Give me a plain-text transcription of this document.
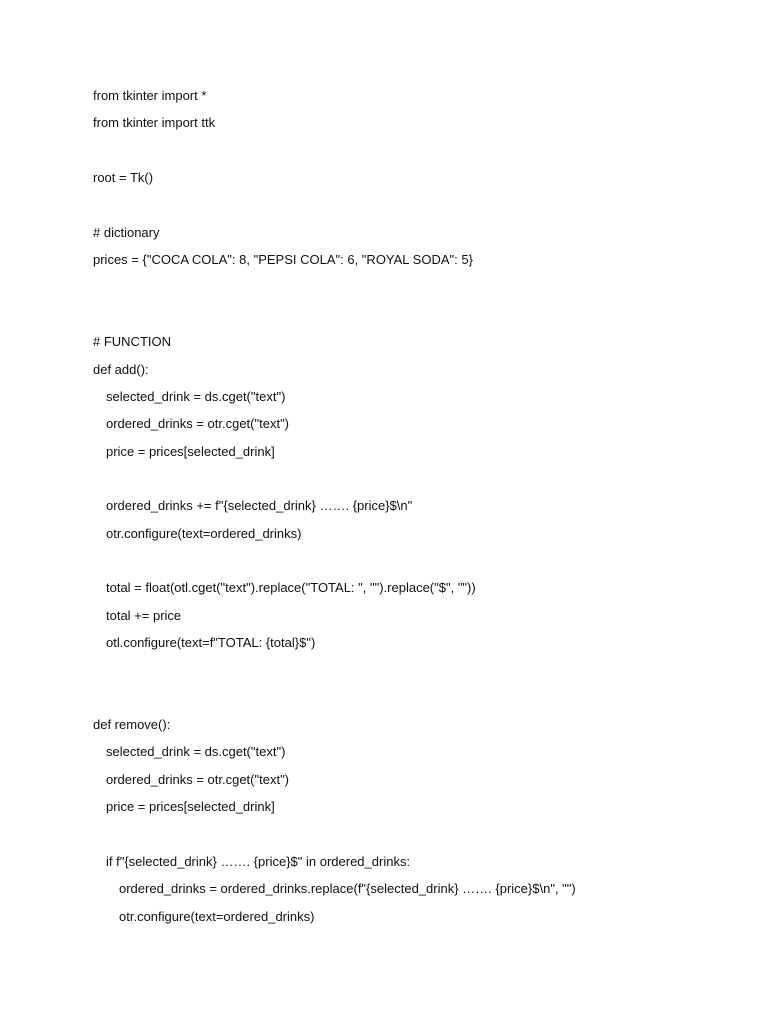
from tkinter import *
from tkinter import ttk
root = Tk()
# dictionary
prices = {"COCA COLA": 8, "PEPSI COLA": 6, "ROYAL SODA": 5}
# FUNCTION
def add():
selected_drink = ds.cget("text")
ordered_drinks = otr.cget("text")
price = prices[selected_drink]
ordered_drinks += f"{selected_drink} ……. {price}$\n"
otr.configure(text=ordered_drinks)
total = float(otl.cget("text").replace("TOTAL: ", "").replace("$", ""))
total += price
otl.configure(text=f"TOTAL: {total}$")
def remove():
selected_drink = ds.cget("text")
ordered_drinks = otr.cget("text")
price = prices[selected_drink]
if f"{selected_drink} ……. {price}$" in ordered_drinks:
ordered_drinks = ordered_drinks.replace(f"{selected_drink} ……. {price}$\n", "")
otr.configure(text=ordered_drinks)
